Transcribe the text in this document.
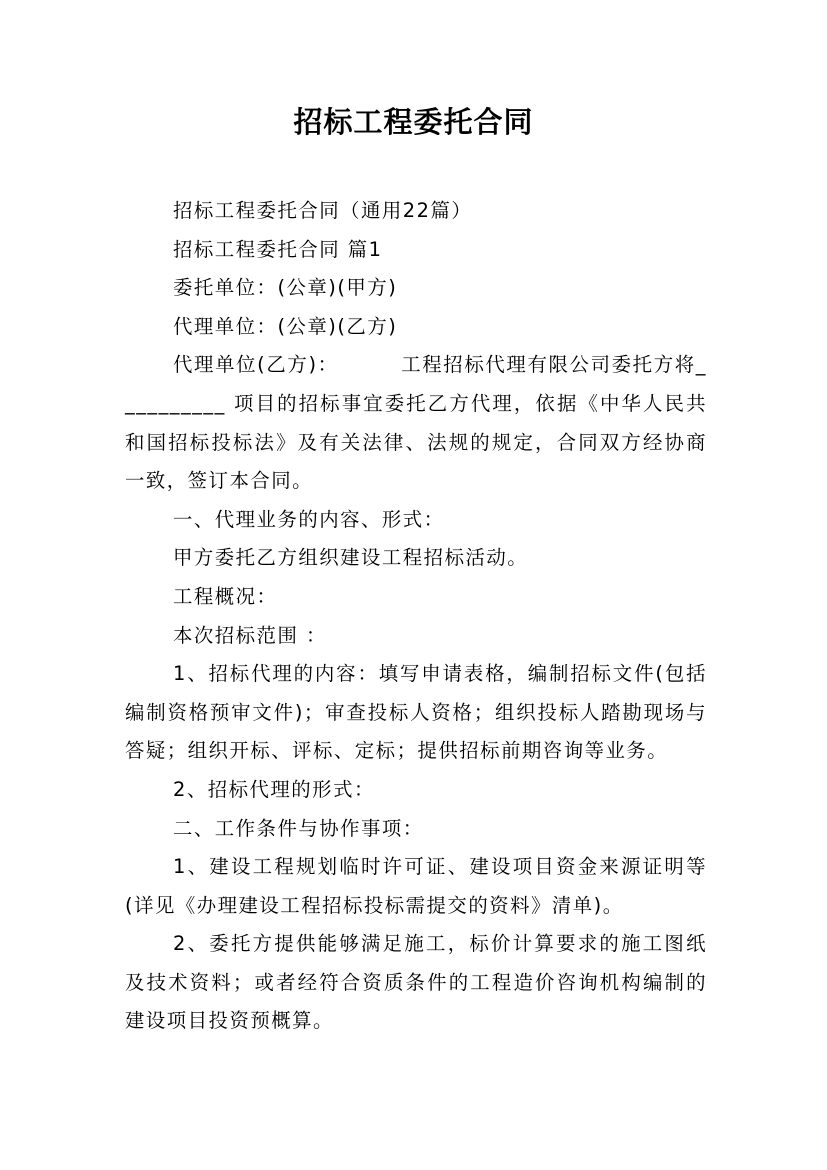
招标工程委托合同

招标工程委托合同（通用22篇）

招标工程委托合同 篇1

委托单位：(公章)(甲方)

代理单位：(公章)(乙方)

代理单位(乙方)：        工程招标代理有限公司委托方将__________ 项目的招标事宜委托乙方代理，依据《中华人民共和国招标投标法》及有关法律、法规的规定，合同双方经协商一致，签订本合同。

一、代理业务的内容、形式：

甲方委托乙方组织建设工程招标活动。

工程概况：

本次招标范围 ：

1、招标代理的内容：填写申请表格，编制招标文件(包括编制资格预审文件)；审查投标人资格；组织投标人踏勘现场与答疑；组织开标、评标、定标；提供招标前期咨询等业务。

2、招标代理的形式：

二、工作条件与协作事项：

1、建设工程规划临时许可证、建设项目资金来源证明等(详见《办理建设工程招标投标需提交的资料》清单)。

2、委托方提供能够满足施工，标价计算要求的施工图纸及技术资料；或者经符合资质条件的工程造价咨询机构编制的建设项目投资预概算。
